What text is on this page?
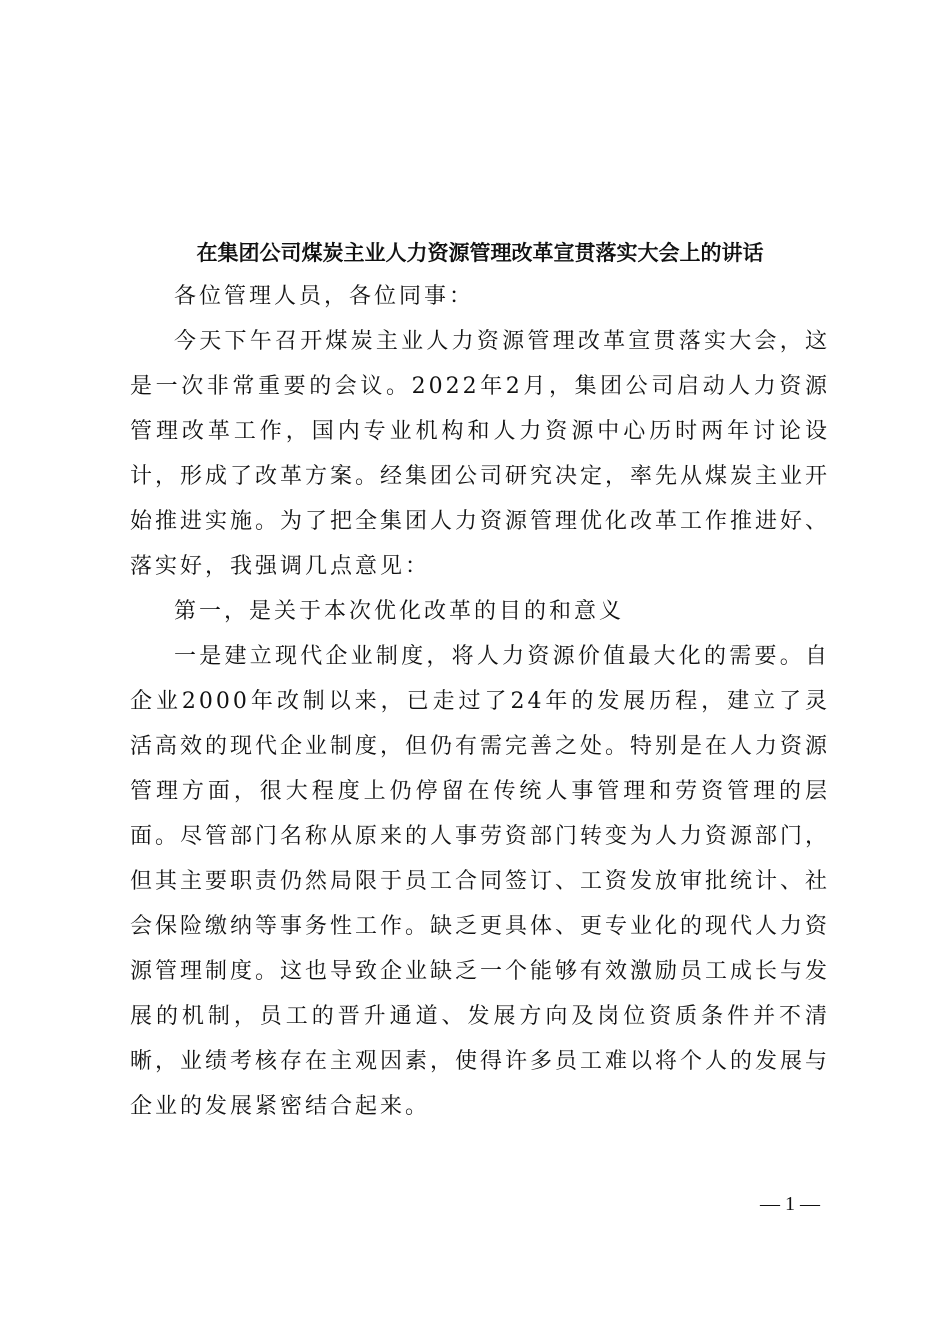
在集团公司煤炭主业人力资源管理改革宣贯落实大会上的讲话

各位管理人员，各位同事：

今天下午召开煤炭主业人力资源管理改革宣贯落实大会，这是一次非常重要的会议。2022年2月，集团公司启动人力资源管理改革工作，国内专业机构和人力资源中心历时两年讨论设计，形成了改革方案。经集团公司研究决定，率先从煤炭主业开始推进实施。为了把全集团人力资源管理优化改革工作推进好、落实好，我强调几点意见：

第一，是关于本次优化改革的目的和意义

一是建立现代企业制度，将人力资源价值最大化的需要。自企业2000年改制以来，已走过了24年的发展历程，建立了灵活高效的现代企业制度，但仍有需完善之处。特别是在人力资源管理方面，很大程度上仍停留在传统人事管理和劳资管理的层面。尽管部门名称从原来的人事劳资部门转变为人力资源部门，但其主要职责仍然局限于员工合同签订、工资发放审批统计、社会保险缴纳等事务性工作。缺乏更具体、更专业化的现代人力资源管理制度。这也导致企业缺乏一个能够有效激励员工成长与发展的机制，员工的晋升通道、发展方向及岗位资质条件并不清晰，业绩考核存在主观因素，使得许多员工难以将个人的发展与企业的发展紧密结合起来。

— 1 —
